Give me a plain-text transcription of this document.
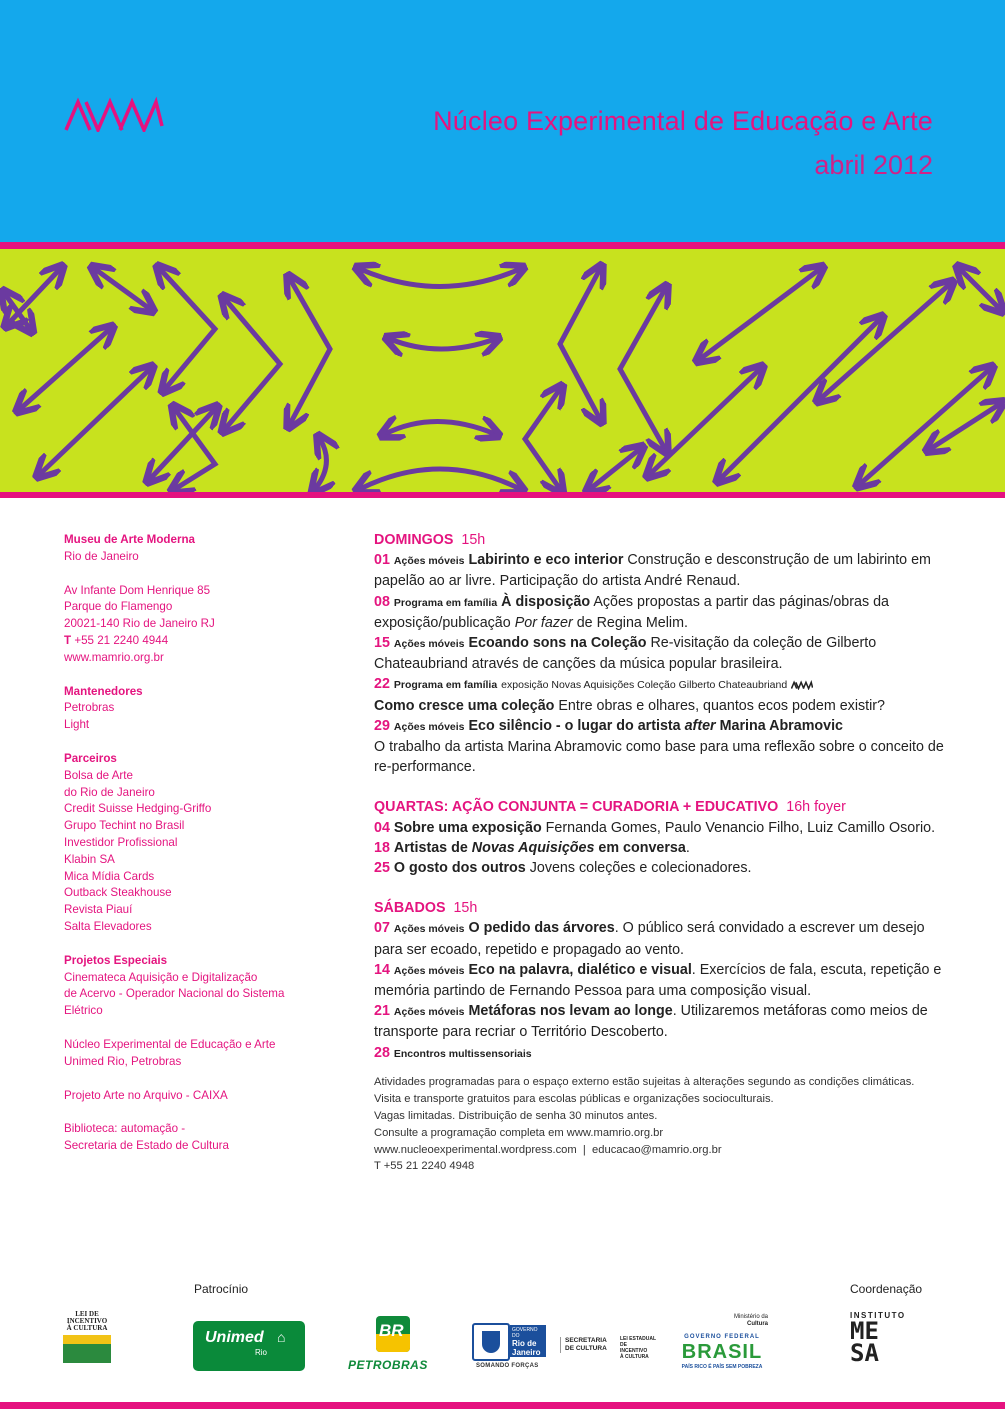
Núcleo Experimental de Educação e Arte
abril 2012
Museu de Arte Moderna
Rio de Janeiro
Av Infante Dom Henrique 85
Parque do Flamengo
20021-140 Rio de Janeiro RJ
T +55 21 2240 4944
www.mamrio.org.br
Mantenedores
Petrobras
Light
Parceiros
Bolsa de Arte
do Rio de Janeiro
Credit Suisse Hedging-Griffo
Grupo Techint no Brasil
Investidor Profissional
Klabin SA
Mica Mídia Cards
Outback Steakhouse
Revista Piauí
Salta Elevadores
Projetos Especiais
Cinemateca Aquisição e Digitalização
de Acervo - Operador Nacional do Sistema
Elétrico
Núcleo Experimental de Educação e Arte
Unimed Rio, Petrobras
Projeto Arte no Arquivo - CAIXA
Biblioteca: automação -
Secretaria de Estado de Cultura
DOMINGOS 15h
01 Ações móveis Labirinto e eco interior Construção e desconstrução de um labirinto em papelão ao ar livre. Participação do artista André Renaud.
08 Programa em família À disposição Ações propostas a partir das páginas/obras da exposição/publicação Por fazer de Regina Melim.
15 Ações móveis Ecoando sons na Coleção Re-visitação da coleção de Gilberto Chateaubriand através de canções da música popular brasileira.
22 Programa em família exposição Novas Aquisições Coleção Gilberto Chateaubriand
Como cresce uma coleção Entre obras e olhares, quantos ecos podem existir?
29 Ações móveis Eco silêncio - o lugar do artista after Marina Abramovic
O trabalho da artista Marina Abramovic como base para uma reflexão sobre o conceito de re-performance.
QUARTAS: AÇÃO CONJUNTA = CURADORIA + EDUCATIVO 16h foyer
04 Sobre uma exposição Fernanda Gomes, Paulo Venancio Filho, Luiz Camillo Osorio.
18 Artistas de Novas Aquisições em conversa.
25 O gosto dos outros Jovens coleções e colecionadores.
SÁBADOS 15h
07 Ações móveis O pedido das árvores. O público será convidado a escrever um desejo para ser ecoado, repetido e propagado ao vento.
14 Ações móveis Eco na palavra, dialético e visual. Exercícios de fala, escuta, repetição e memória partindo de Fernando Pessoa para uma composição visual.
21 Ações móveis Metáforas nos levam ao longe. Utilizaremos metáforas como meios de transporte para recriar o Território Descoberto.
28 Encontros multissensoriais
Atividades programadas para o espaço externo estão sujeitas à alterações segundo as condições climáticas.
Visita e transporte gratuitos para escolas públicas e organizações socioculturais.
Vagas limitadas. Distribuição de senha 30 minutos antes.
Consulte a programação completa em www.mamrio.org.br
www.nucleoexperimental.wordpress.com  |  educacao@mamrio.org.br
T +55 21 2240 4948
Patrocínio	Coordenação
LEI DE
INCENTIVO
À CULTURA
Unimed
Rio
⌂	BR
PETROBRAS
GOVERNO DO
Rio de
Janeiro
SOMANDO FORÇAS
SECRETARIA
DE CULTURA
LEI ESTADUAL DE
INCENTIVO
À CULTURA
Ministério da
Cultura
GOVERNO FEDERAL
BRASIL
PAÍS RICO É PAÍS SEM POBREZA
INSTITUTO
ME
SA
